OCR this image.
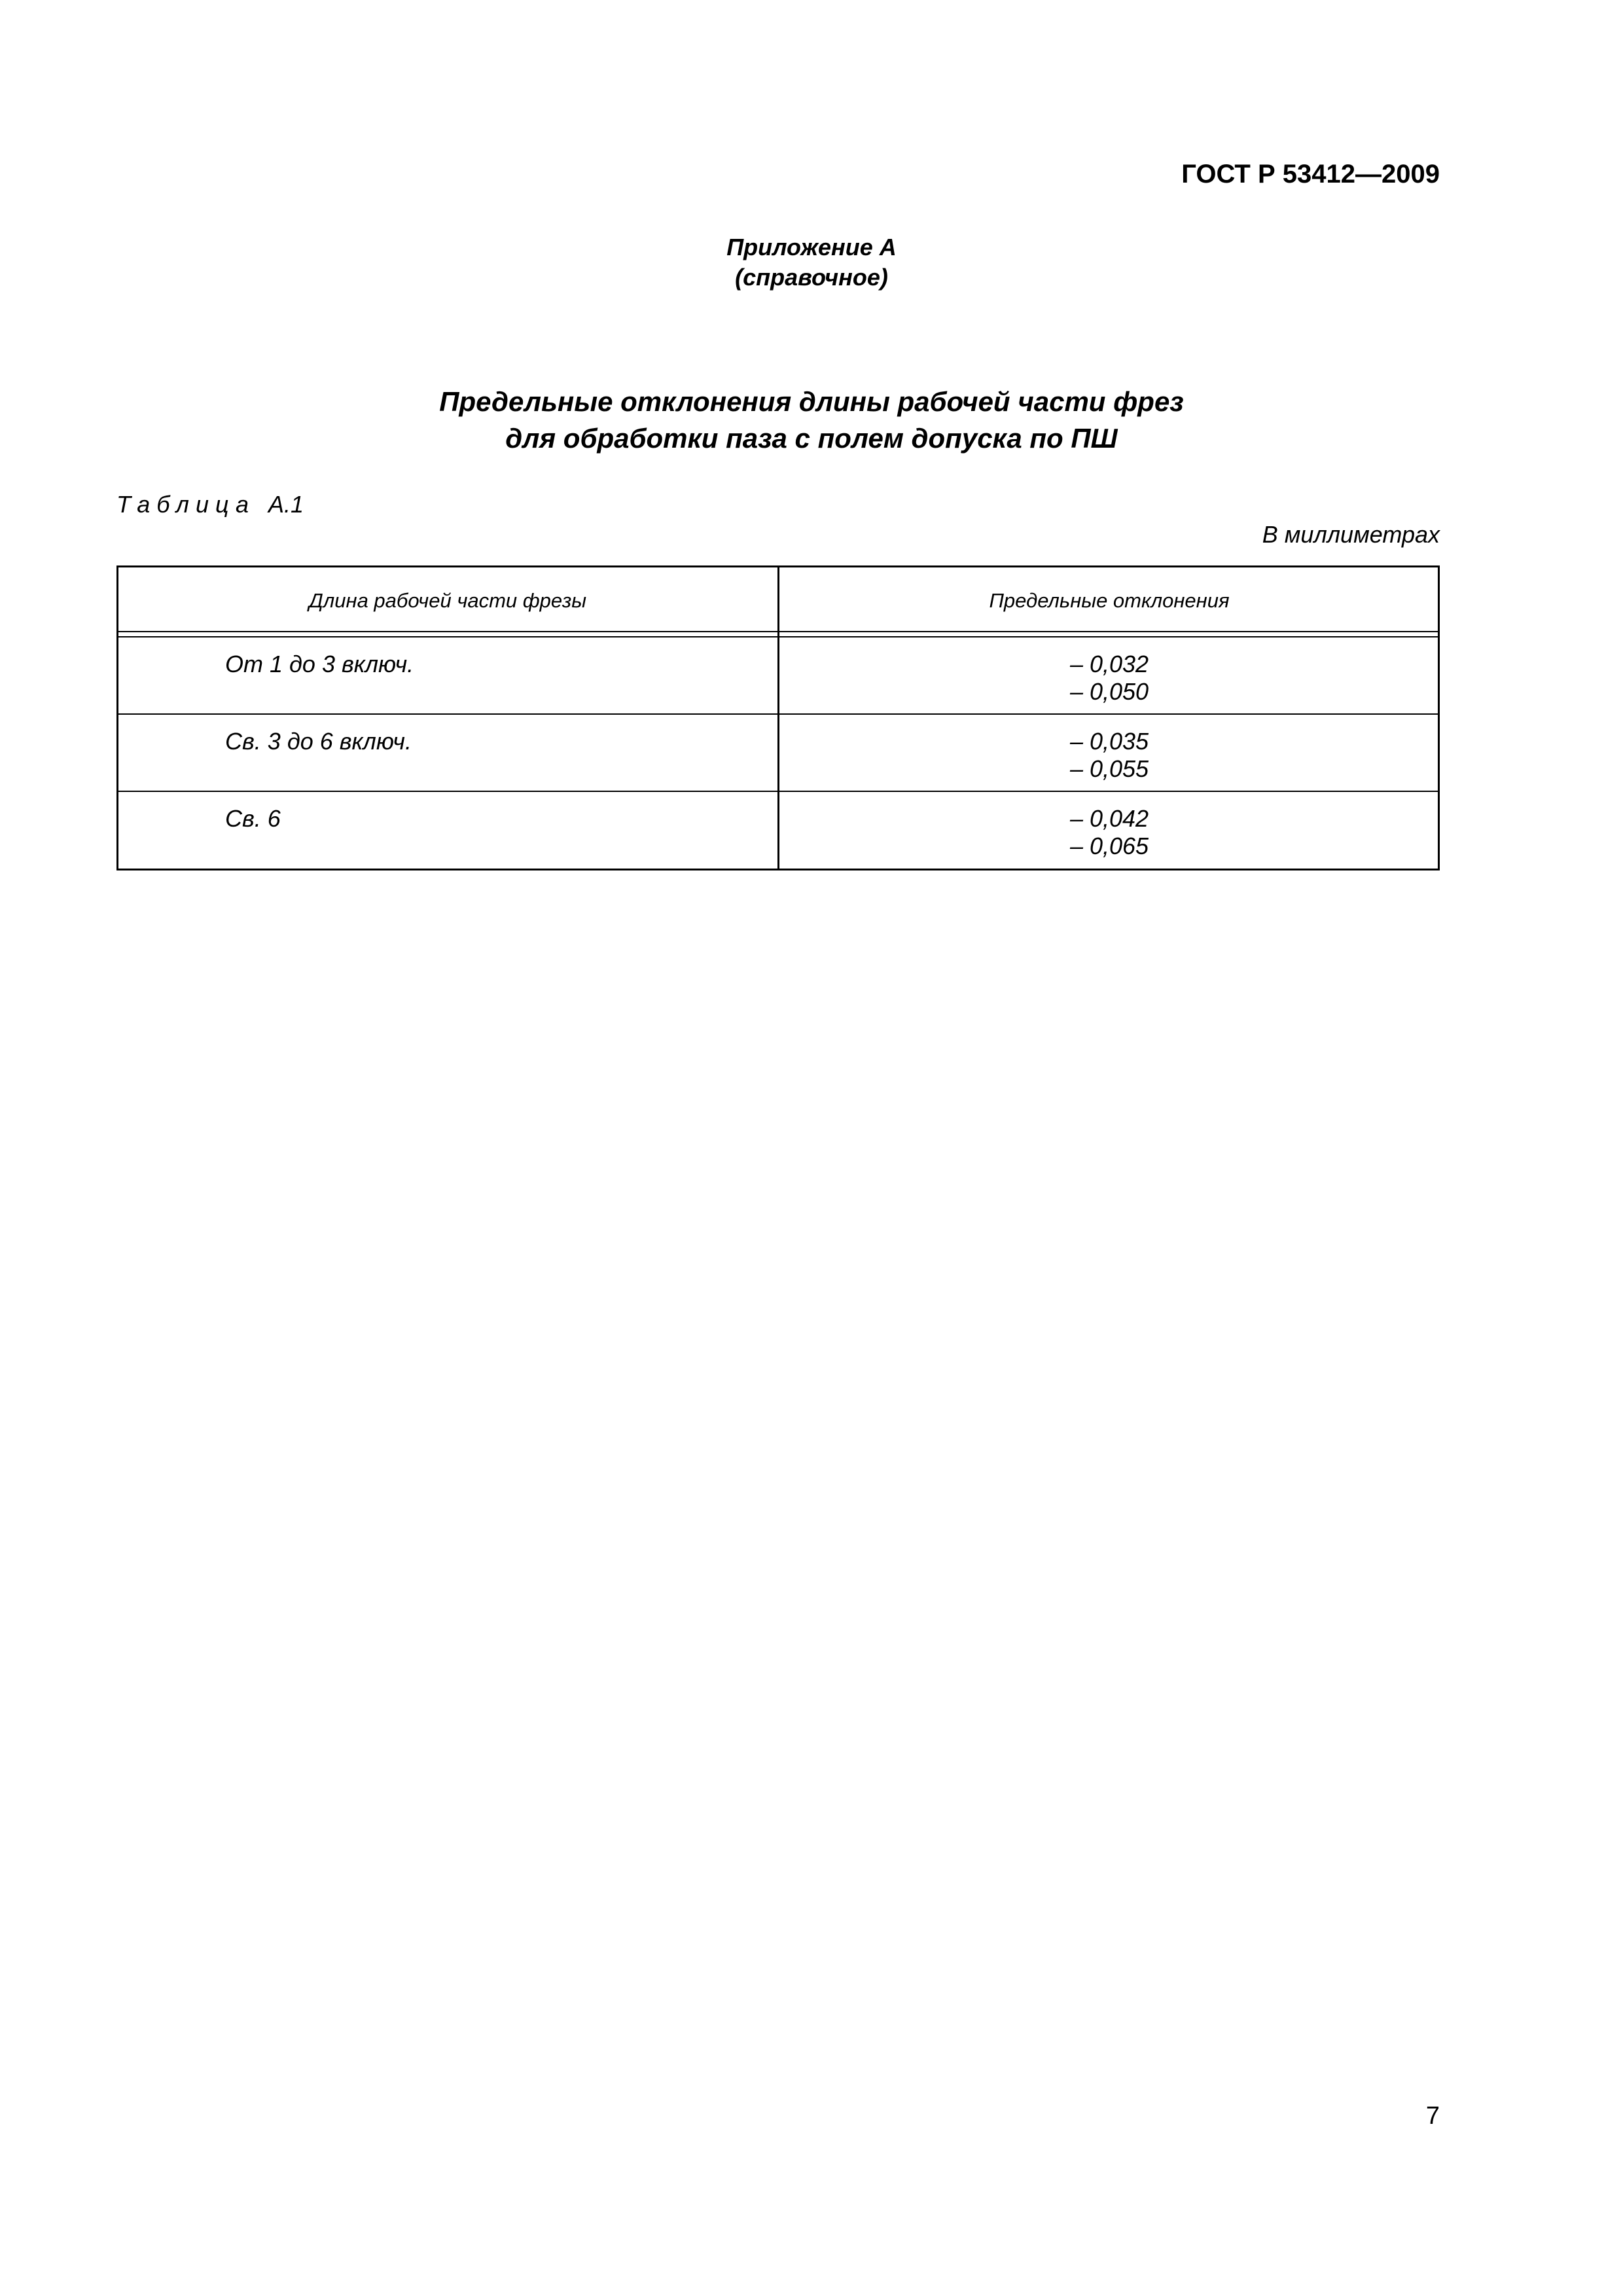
ГОСТ Р 53412—2009
Приложение А
(справочное)
Предельные отклонения длины рабочей части фрез
для обработки паза с полем допуска по ПШ
Таблица А.1
В миллиметрах
Длина рабочей части фрезы	Предельные отклонения
От 1 до 3 включ.	– 0,032
– 0,050
Св. 3 до 6 включ.	– 0,035
– 0,055
Св. 6	– 0,042
– 0,065
7
